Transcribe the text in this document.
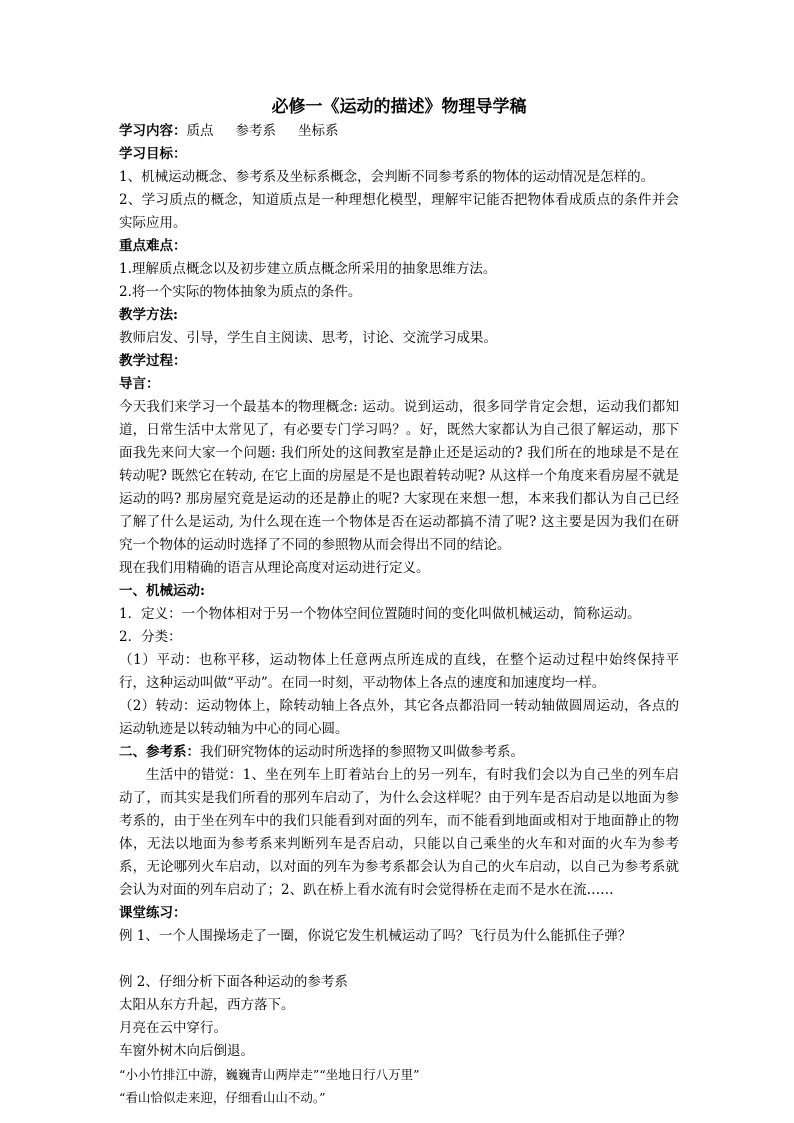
必修一《运动的描述》物理导学稿
学习内容：质点 参考系 坐标系
学习目标：
1、机械运动概念、参考系及坐标系概念，会判断不同参考系的物体的运动情况是怎样的。
2、学习质点的概念，知道质点是一种理想化模型，理解牢记能否把物体看成质点的条件并会实际应用。
重点难点：
1.理解质点概念以及初步建立质点概念所采用的抽象思维方法。
2.将一个实际的物体抽象为质点的条件。
教学方法:
教师启发、引导，学生自主阅读、思考，讨论、交流学习成果。
教学过程：
导言：
今天我们来学习一个最基本的物理概念: 运动。说到运动，很多同学肯定会想，运动我们都知道，日常生活中太常见了，有必要专门学习吗？。好，既然大家都认为自己很了解运动，那下面我先来问大家一个问题: 我们所处的这间教室是静止还是运动的? 我们所在的地球是不是在转动呢? 既然它在转动, 在它上面的房屋是不是也跟着转动呢? 从这样一个角度来看房屋不就是运动的吗? 那房屋究竟是运动的还是静止的呢? 大家现在来想一想，本来我们都认为自己已经了解了什么是运动, 为什么现在连一个物体是否在运动都搞不清了呢? 这主要是因为我们在研究一个物体的运动时选择了不同的参照物从而会得出不同的结论。
现在我们用精确的语言从理论高度对运动进行定义。
一、机械运动:
1．定义：一个物体相对于另一个物体空间位置随时间的变化叫做机械运动，简称运动。
2．分类：
（1）平动：也称平移，运动物体上任意两点所连成的直线，在整个运动过程中始终保持平行，这种运动叫做“平动”。在同一时刻，平动物体上各点的速度和加速度均一样。
（2）转动：运动物体上，除转动轴上各点外，其它各点都沿同一转动轴做圆周运动，各点的运动轨迹是以转动轴为中心的同心圆。
二、参考系：我们研究物体的运动时所选择的参照物又叫做参考系。
生活中的错觉：1、坐在列车上盯着站台上的另一列车，有时我们会以为自己坐的列车启动了，而其实是我们所看的那列车启动了，为什么会这样呢？由于列车是否启动是以地面为参考系的，由于坐在列车中的我们只能看到对面的列车，而不能看到地面或相对于地面静止的物体，无法以地面为参考系来判断列车是否启动，只能以自己乘坐的火车和对面的火车为参考系，无论哪列火车启动，以对面的列车为参考系都会认为自己的火车启动，以自己为参考系就会认为对面的列车启动了；2、趴在桥上看水流有时会觉得桥在走而不是水在流……
课堂练习：
例 1、一个人围操场走了一圈，你说它发生机械运动了吗？飞行员为什么能抓住子弹？
例 2、仔细分析下面各种运动的参考系
太阳从东方升起，西方落下。
月亮在云中穿行。
车窗外树木向后倒退。
“小小竹排江中游，巍巍青山两岸走”“坐地日行八万里”
“看山恰似走来迎，仔细看山山不动。”
